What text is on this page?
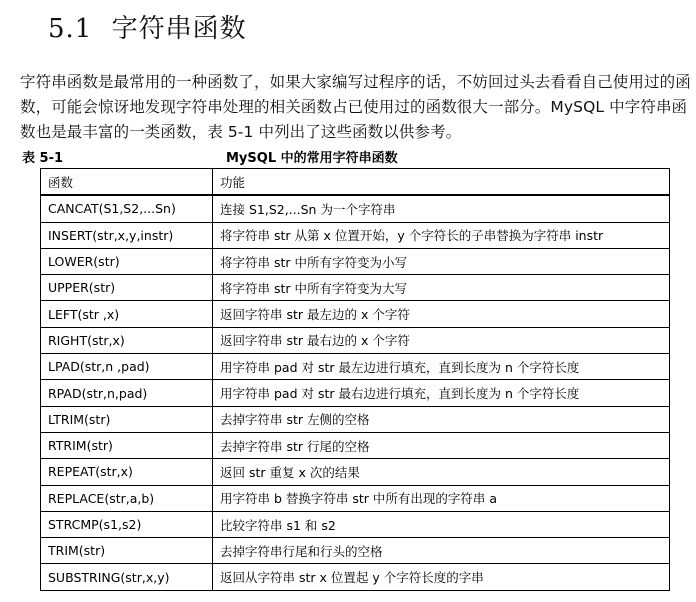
5.1 字符串函数

字符串函数是最常用的一种函数了，如果大家编写过程序的话，不妨回过头去看看自己使用过的函数，可能会惊讶地发现字符串处理的相关函数占已使用过的函数很大一部分。MySQL 中字符串函数也是最丰富的一类函数，表 5-1 中列出了这些函数以供参考。

表 5-1	MySQL 中的常用字符串函数
函数	功能
CANCAT(S1,S2,...Sn)	连接 S1,S2,...Sn 为一个字符串
INSERT(str,x,y,instr)	将字符串 str 从第 x 位置开始，y 个字符长的子串替换为字符串 instr
LOWER(str)	将字符串 str 中所有字符变为小写
UPPER(str)	将字符串 str 中所有字符变为大写
LEFT(str ,x)	返回字符串 str 最左边的 x 个字符
RIGHT(str,x)	返回字符串 str 最右边的 x 个字符
LPAD(str,n ,pad)	用字符串 pad 对 str 最左边进行填充，直到长度为 n 个字符长度
RPAD(str,n,pad)	用字符串 pad 对 str 最右边进行填充，直到长度为 n 个字符长度
LTRIM(str)	去掉字符串 str 左侧的空格
RTRIM(str)	去掉字符串 str 行尾的空格
REPEAT(str,x)	返回 str 重复 x 次的结果
REPLACE(str,a,b)	用字符串 b 替换字符串 str 中所有出现的字符串 a
STRCMP(s1,s2)	比较字符串 s1 和 s2
TRIM(str)	去掉字符串行尾和行头的空格
SUBSTRING(str,x,y)	返回从字符串 str x 位置起 y 个字符长度的字串
